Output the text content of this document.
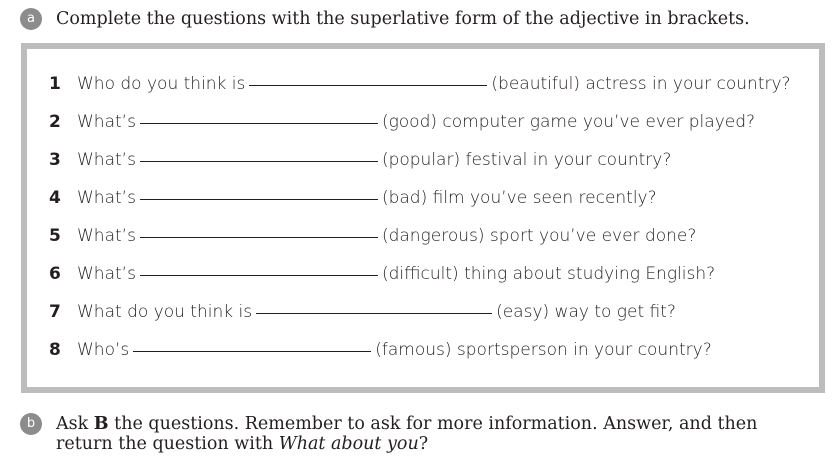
a	Complete the questions with the superlative form of the adjective in brackets.
1 Who do you think is	(beautiful) actress in your country?
2 What’s	(good) computer game you’ve ever played?
3 What’s	(popular) festival in your country?
4 What’s	(bad) film you’ve seen recently?
5 What’s	(dangerous) sport you’ve ever done?
6 What’s	(difficult) thing about studying English?
7 What do you think is	(easy) way to get fit?
8 Who’s	(famous) sportsperson in your country?
b	Ask B the questions. Remember to ask for more information. Answer, and then return the question with What about you?
